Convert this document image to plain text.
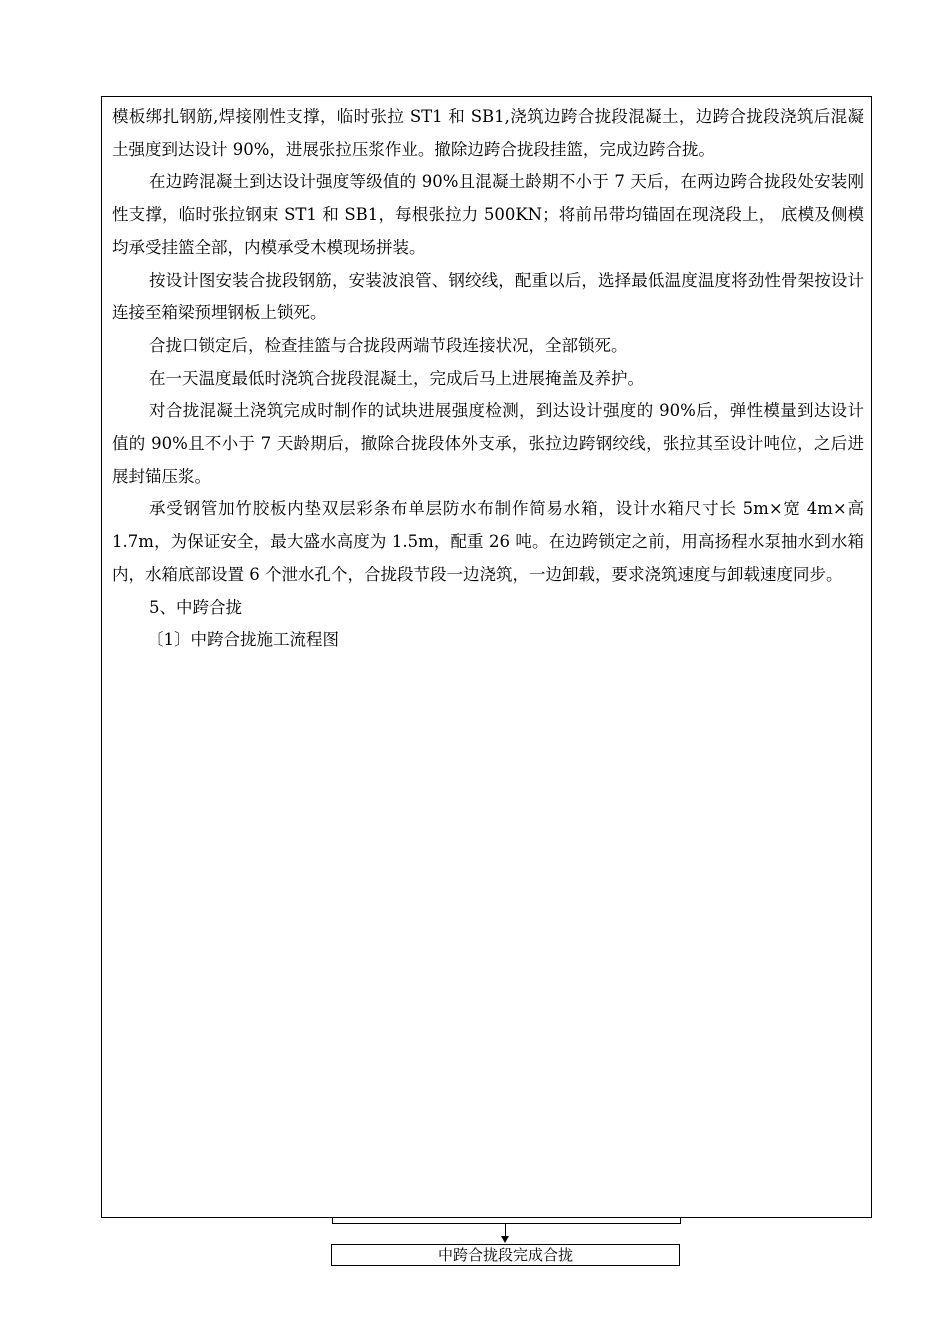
模板绑扎钢筋,焊接刚性支撑，临时张拉 ST1 和 SB1,浇筑边跨合拢段混凝土，边跨合拢段浇筑后混凝土强度到达设计 90%，进展张拉压浆作业。撤除边跨合拢段挂篮，完成边跨合拢。

在边跨混凝土到达设计强度等级值的 90%且混凝土龄期不小于 7 天后，在两边跨合拢段处安装刚性支撑，临时张拉钢束 ST1 和 SB1，每根张拉力 500KN；将前吊带均锚固在现浇段上， 底模及侧模均承受挂篮全部，内模承受木模现场拼装。

按设计图安装合拢段钢筋，安装波浪管、钢绞线，配重以后，选择最低温度温度将劲性骨架按设计连接至箱梁预埋钢板上锁死。

合拢口锁定后，检查挂篮与合拢段两端节段连接状况，全部锁死。

在一天温度最低时浇筑合拢段混凝土，完成后马上进展掩盖及养护。

对合拢混凝土浇筑完成时制作的试块进展强度检测，到达设计强度的 90%后，弹性模量到达设计值的 90%且不小于 7 天龄期后，撤除合拢段体外支承，张拉边跨钢绞线，张拉其至设计吨位，之后进展封锚压浆。

承受钢管加竹胶板内垫双层彩条布单层防水布制作简易水箱，设计水箱尺寸长 5m×宽 4m×高 1.7m，为保证安全，最大盛水高度为 1.5m，配重 26 吨。在边跨锁定之前，用高扬程水泵抽水到水箱内，水箱底部设置 6 个泄水孔个，合拢段节段一边浇筑，一边卸载，要求浇筑速度与卸载速度同步。

5、中跨合拢

〔1〕中跨合拢施工流程图

中跨合拢段完成合拢
